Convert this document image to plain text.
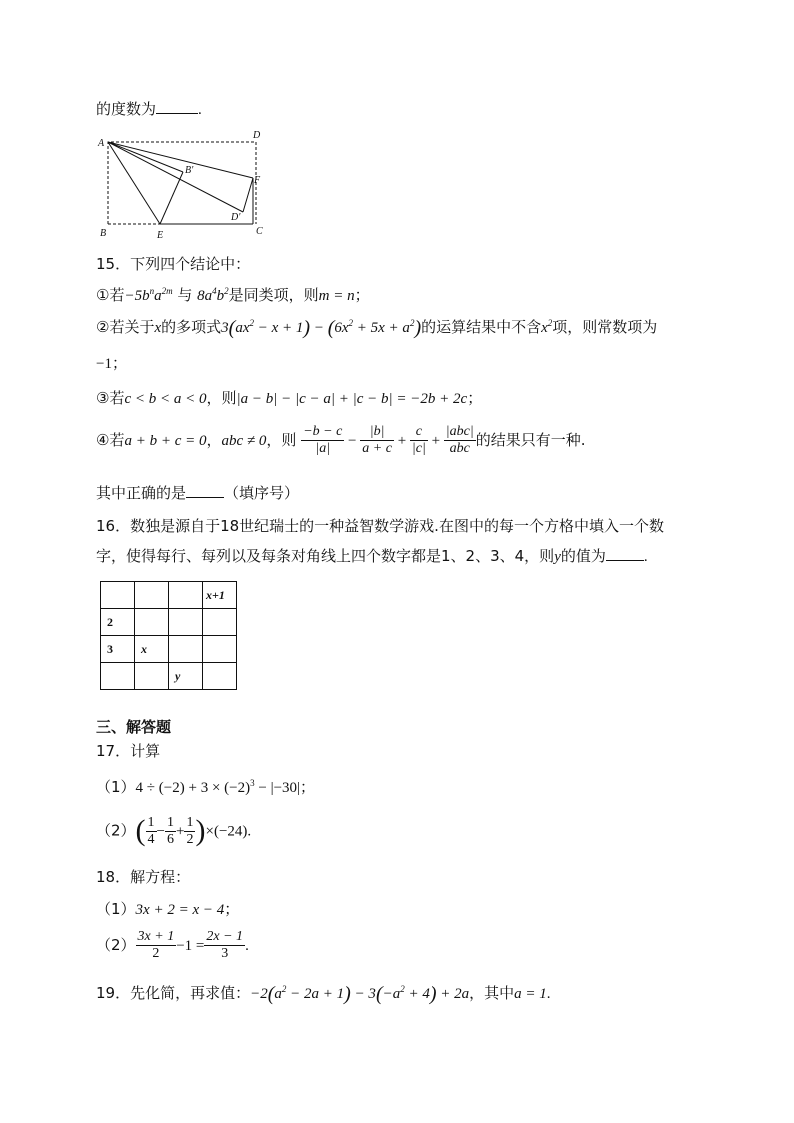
的度数为	.
A
D
B'
F
D'
B	E	C
15．下列四个结论中：
①若$-5b^na^{2m}$ 与 $8a^4b^2$是同类项，则m = n；
②若关于x的多项式$3(ax^2 - x + 1) - (6x^2 + 5x + a^2)$的运算结果中不含$x^2$项，则常数项为
−1；
③若c < b < a < 0，则|a − b| − |c − a| + |c − b| = −2b + 2c；
④若a + b + c = 0，abc ≠ 0，则 $\frac{-b - c}{|a|} - \frac{|b|}{a + c} + \frac{c}{|c|} + \frac{\text{|abc|}}{\text{abc}}$ 的结果只有一种.
其中正确的是	（填序号）
16．数独是源自于18世纪瑞士的一种益智数学游戏.在图中的每一个方格中填入一个数
字，使得每行、每列以及每条对角线上四个数字都是1、2、3、4，则y的值为	.
			x+1
2			
3	x		
		y	
三、解答题
17．计算
$(1)4 \div (-2) + 3 \times (-2)^3 - |-30|$；
$(2)( \frac{1}{4} - \frac{1}{6} + \frac{1}{2} )\times(-24)$.
18．解方程：
（1）3x + 2 = x − 4；
$(2) \frac{3x + 1}{2} -1 = \frac{2x - 1}{3}$ .
19．先化简，再求值：$-2(a^2 - 2a + 1) - 3(-a^2 + 4) + 2a$，其中a = 1.
